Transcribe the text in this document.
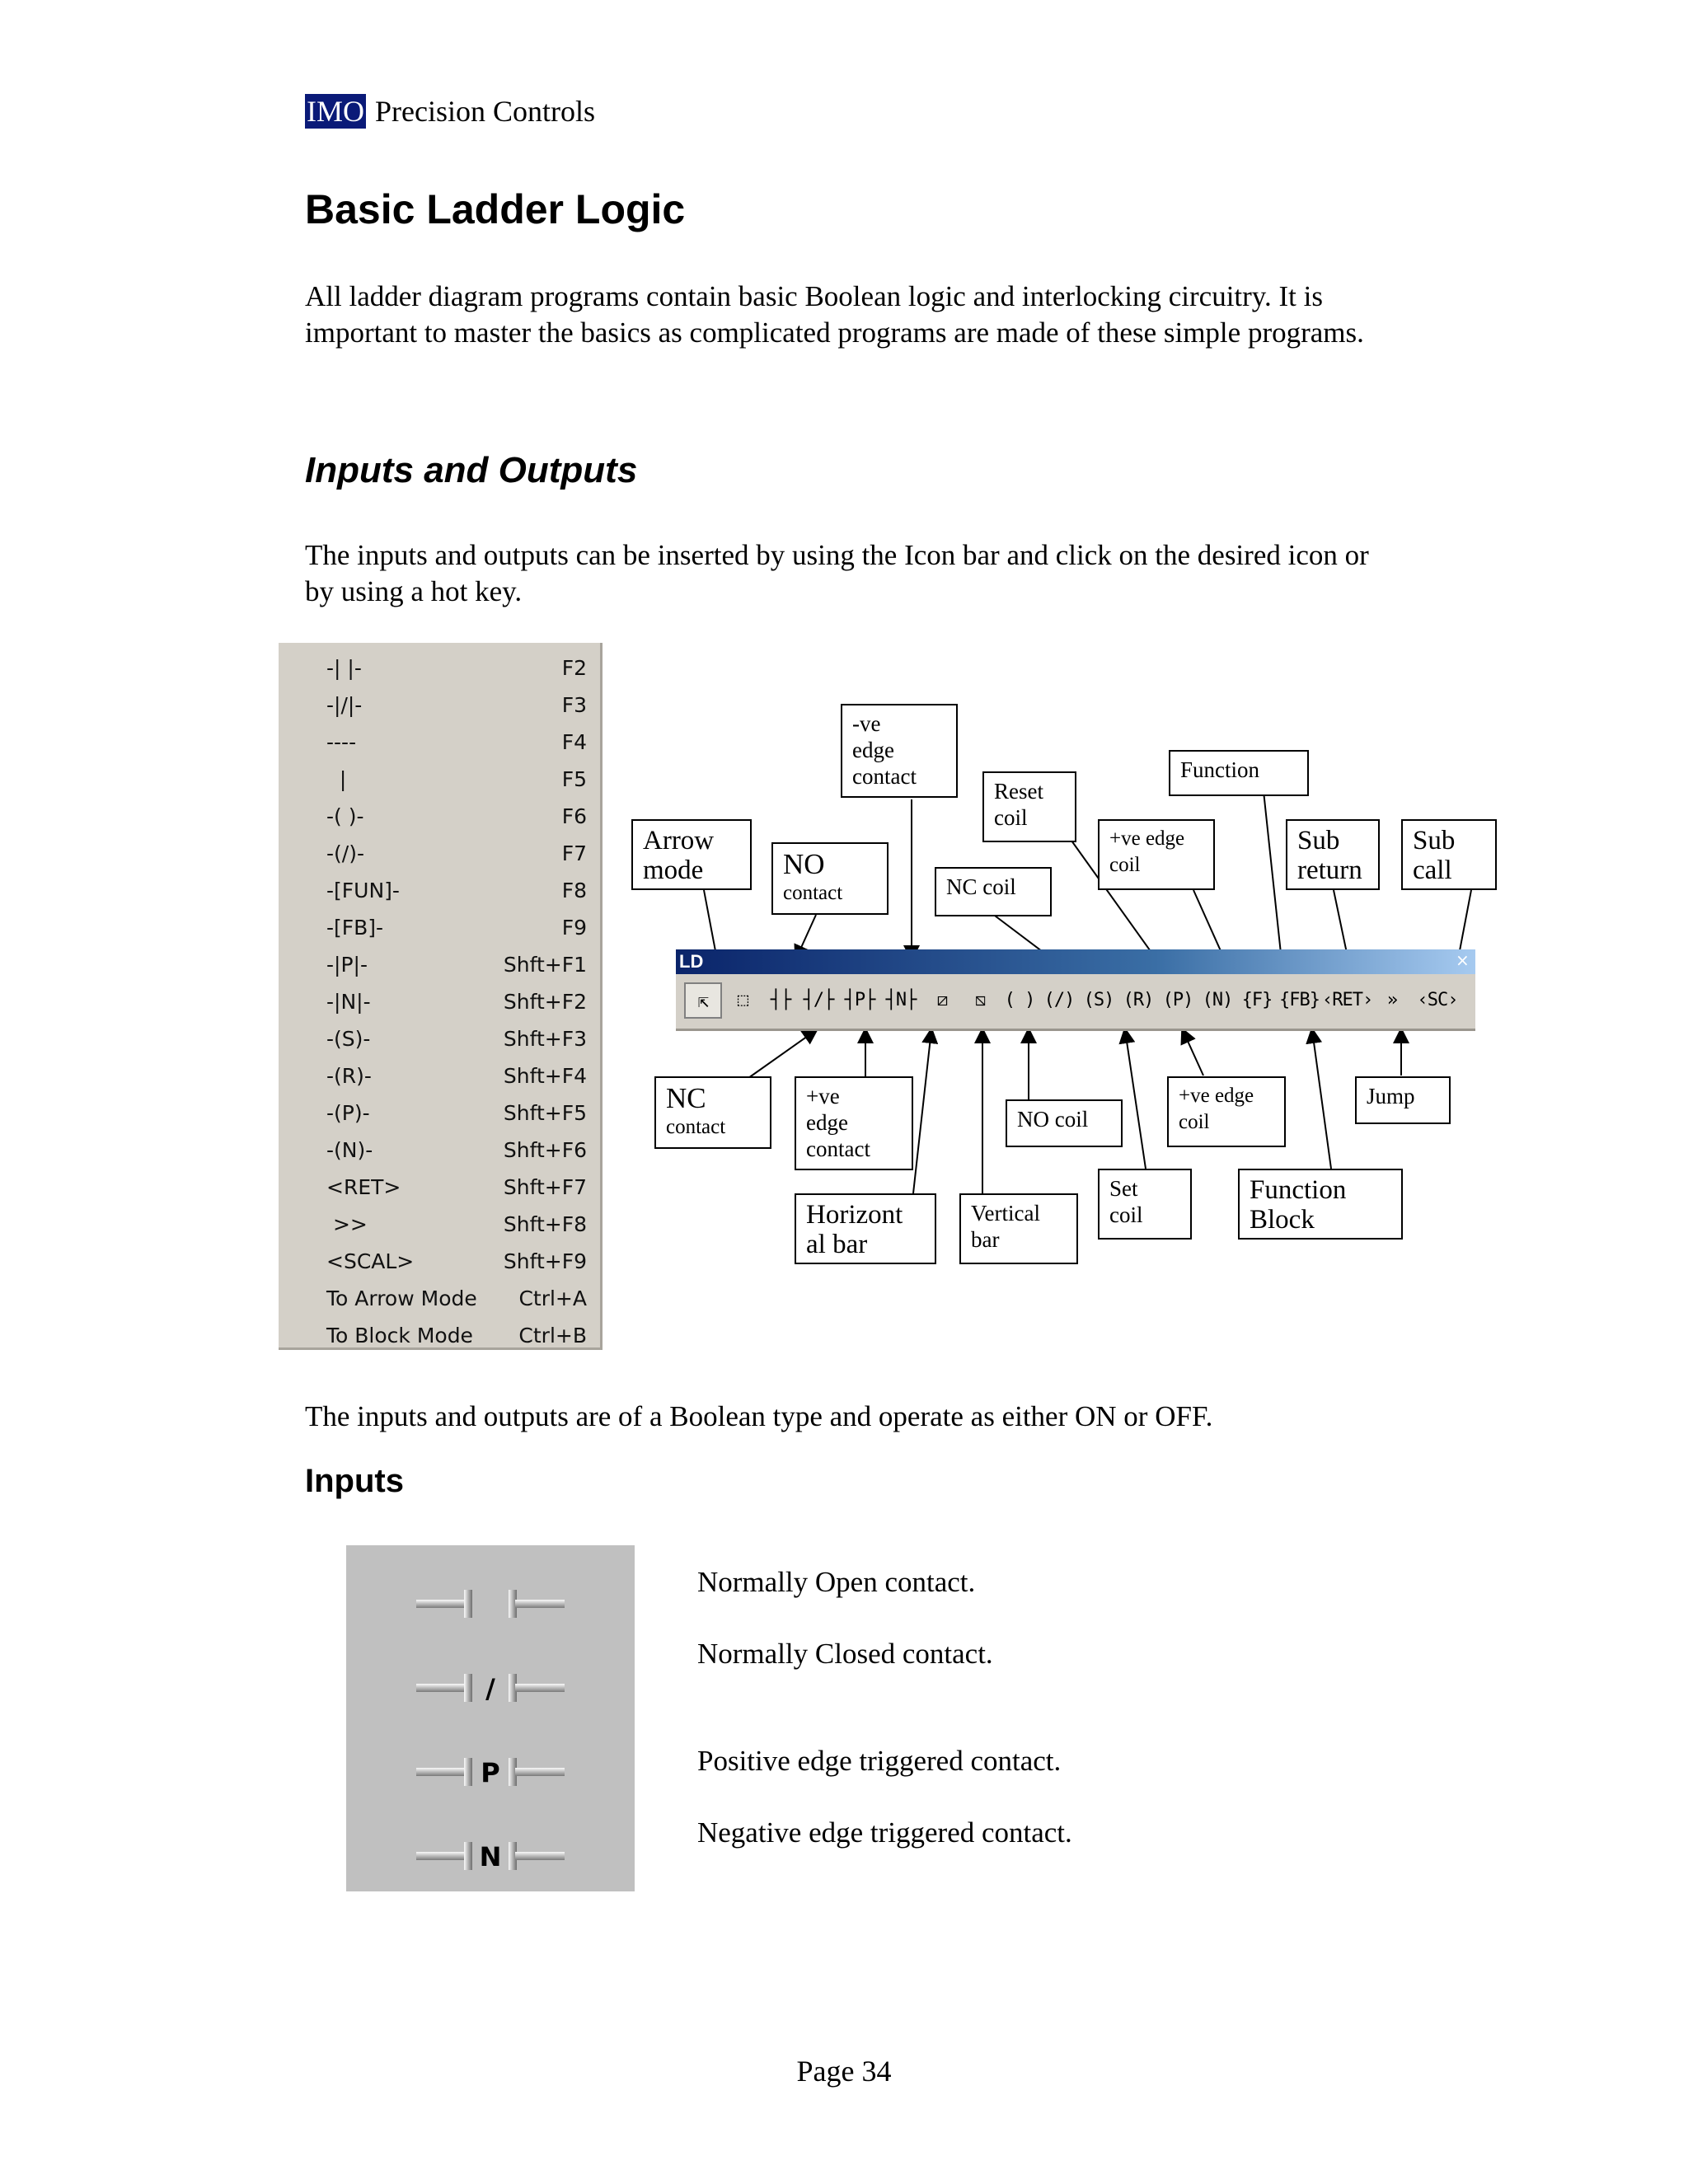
IMO Precision Controls
Basic Ladder Logic
All ladder diagram programs contain basic Boolean logic and interlocking circuitry. It is important to master the basics as complicated programs are made of these simple programs.
Inputs and Outputs
The inputs and outputs can be inserted by using the Icon bar and click on the desired icon or by using a hot key.
-| |-	F2
-|/|-	F3
----	F4
|	F5
-( )-	F6
-(/)-	F7
-[FUN]-	F8
-[FB]-	F9
-|P|-	Shft+F1
-|N|-	Shft+F2
-(S)-	Shft+F3
-(R)-	Shft+F4
-(P)-	Shft+F5
-(N)-	Shft+F6
<RET>	Shft+F7
>>	Shft+F8
<SCAL>	Shft+F9
To Arrow Mode	Ctrl+A
To Block Mode	Ctrl+B
LD	×
⇱	⬚	┤├ ┤/├ ┤P├ ┤N├	⧄	⧅	( ) (/) (S) (R) (P) (N) {F} {FB} ‹RET› »	‹SC›
-ve
edge
contact
Reset
coil
Function
Arrow
mode	NO
contact	NC coil
+ve edge
coil
Sub
return
Sub
call
NC
contact
+ve
edge
contact
NO coil
+ve edge
coil
Jump
Horizont
al bar
Vertical
bar
Set
coil
Function
Block
The inputs and outputs are of a Boolean type and operate as either ON or OFF.
Inputs
/
P
N
Normally Open contact.
Normally Closed contact.
Positive edge triggered contact.
Negative edge triggered contact.
Page 34
